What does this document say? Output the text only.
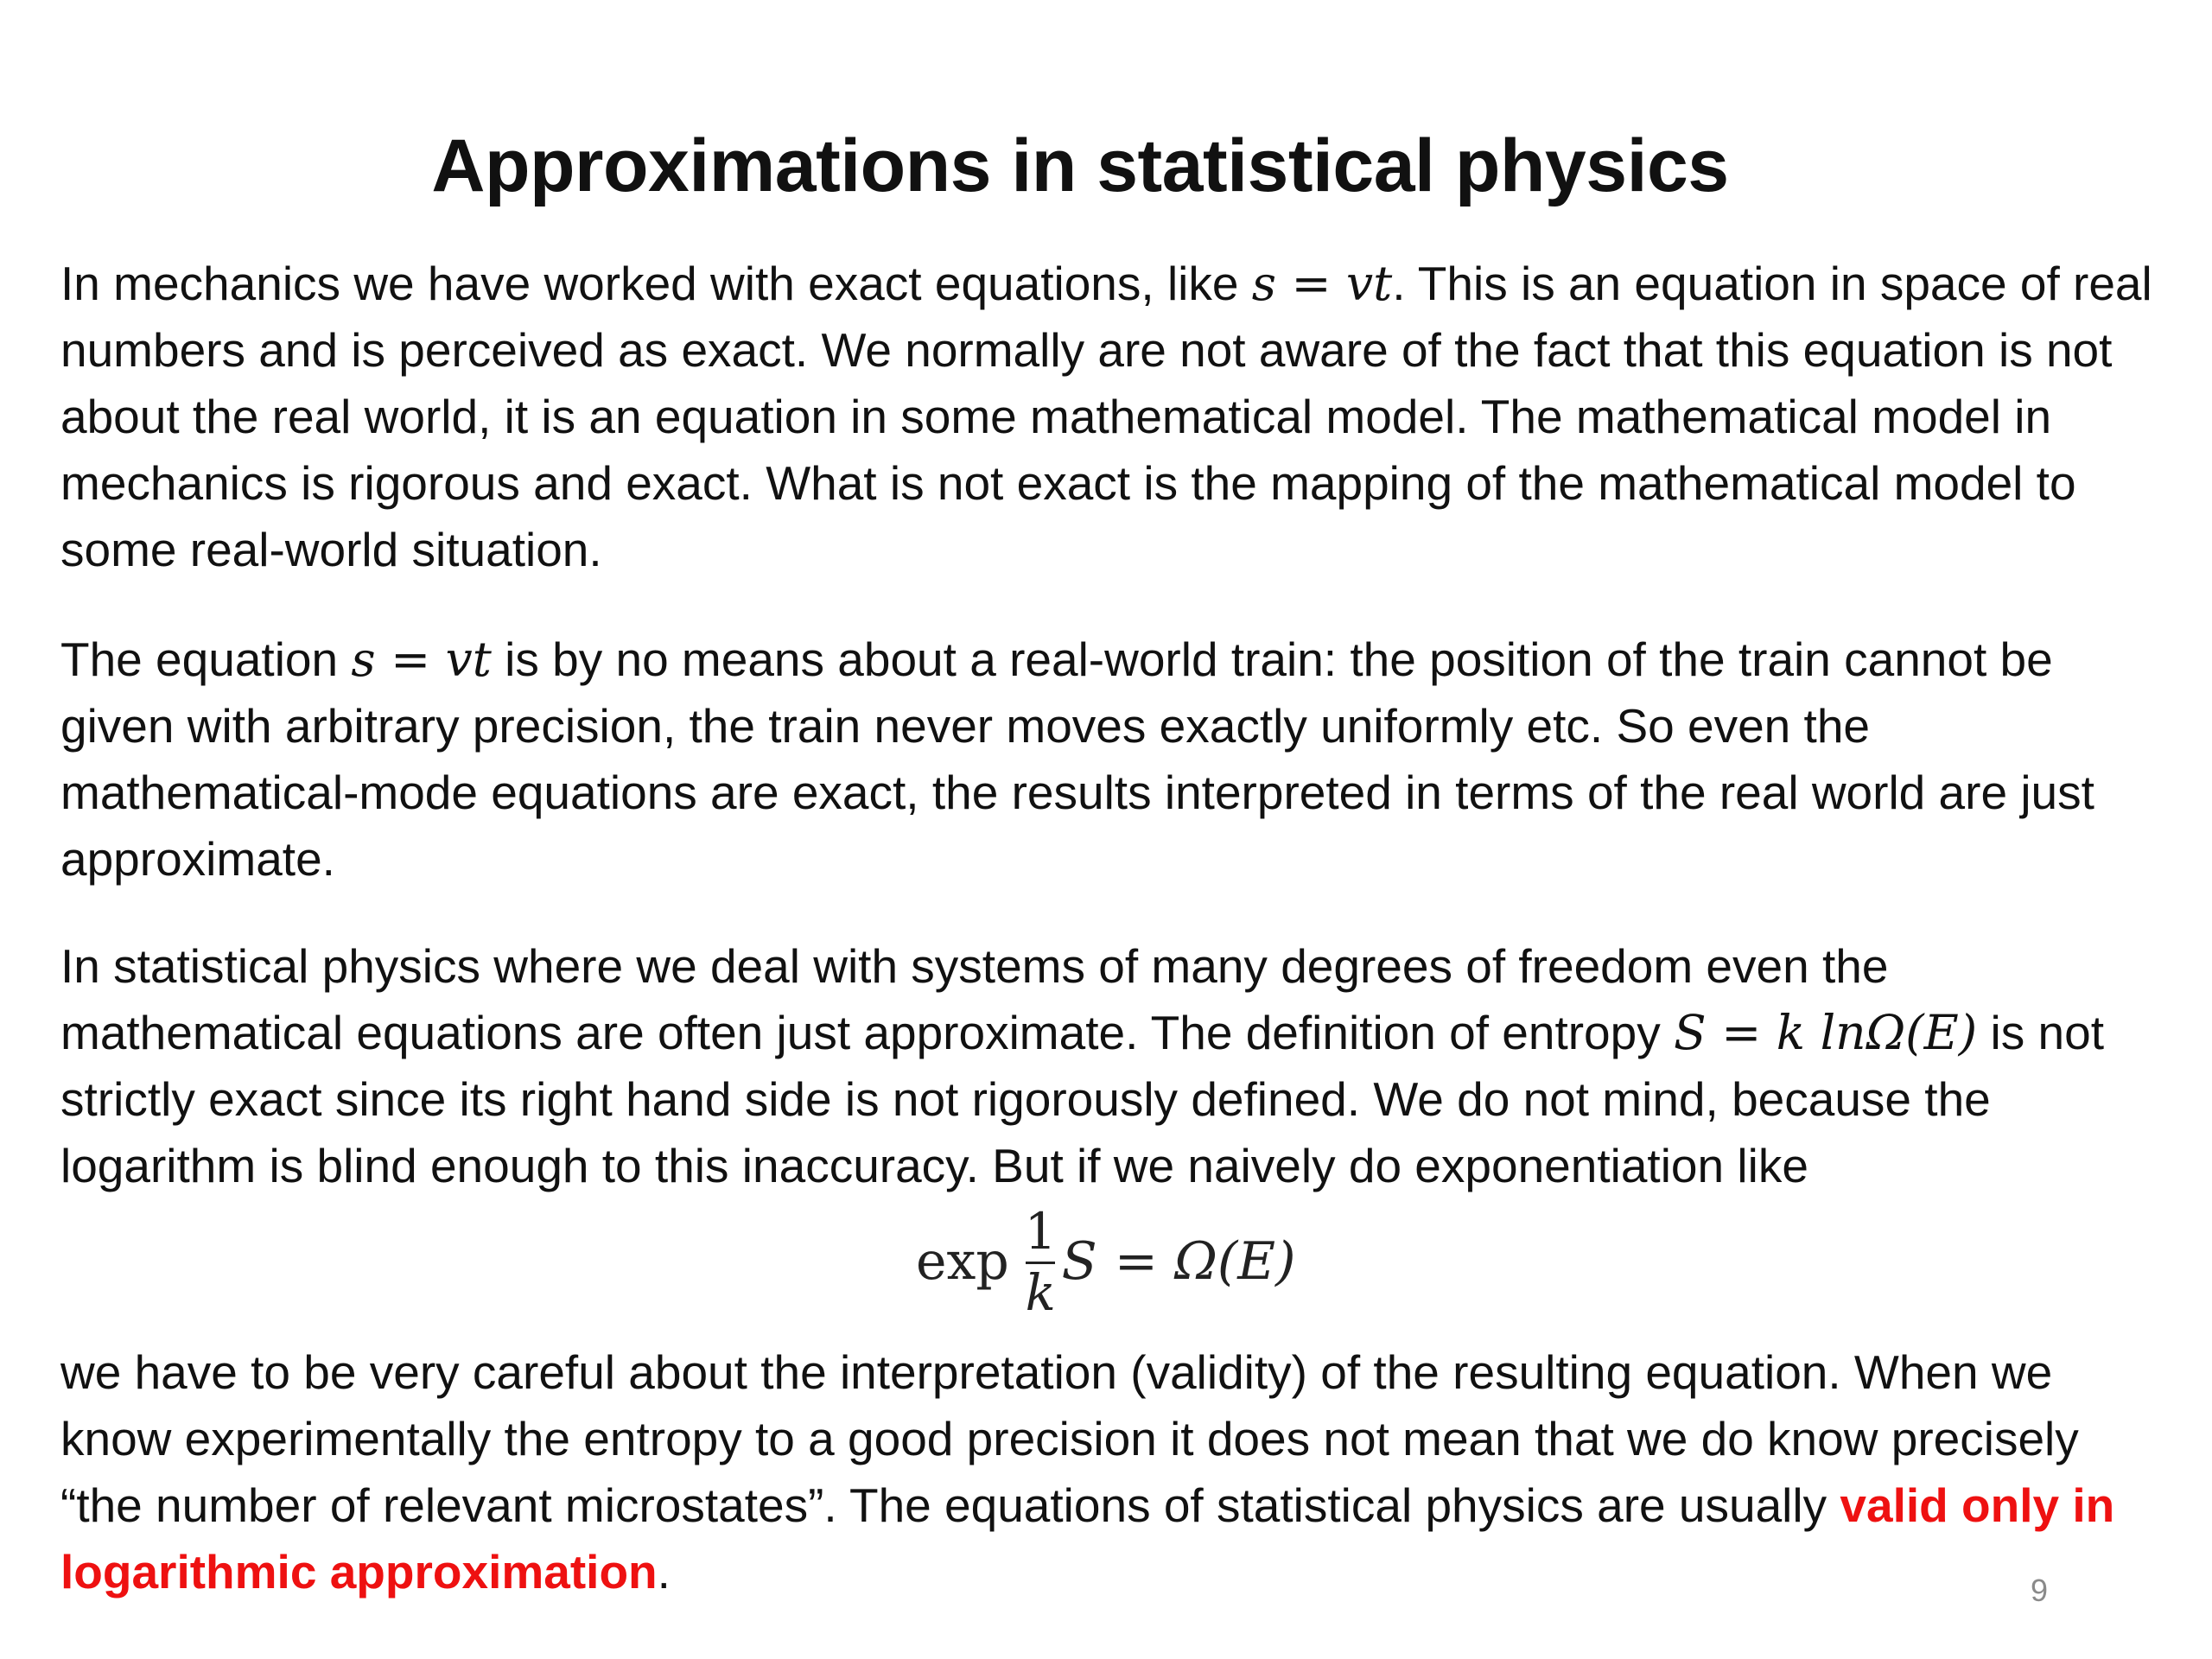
Approximations in statistical physics

In mechanics we have worked with exact equations, like s = vt. This is an equation in space of real numbers and is perceived as exact. We normally are not aware of the fact that this equation is not about the real world, it is an equation in some mathematical model. The mathematical model in mechanics is rigorous and exact. What is not exact is the mapping of the mathematical model to some real-world situation.

The equation s = vt is by no means about a real-world train: the position of the train cannot be given with arbitrary precision, the train never moves exactly uniformly etc. So even the mathematical-mode equations are exact, the results interpreted in terms of the real world are just approximate.

In statistical physics where we deal with systems of many degrees of freedom even the mathematical equations are often just approximate. The definition of entropy S = k lnΩ(E) is not strictly exact since its right hand side is not rigorously defined. We do not mind, because the logarithm is blind enough to this inaccuracy. But if we naively do exponentiation like

$\exp \frac{1}{k}$ S = Ω(E)

we have to be very careful about the interpretation (validity) of the resulting equation. When we know experimentally the entropy to a good precision it does not mean that we do know precisely “the number of relevant microstates”. The equations of statistical physics are usually valid only in logarithmic approximation.	9
